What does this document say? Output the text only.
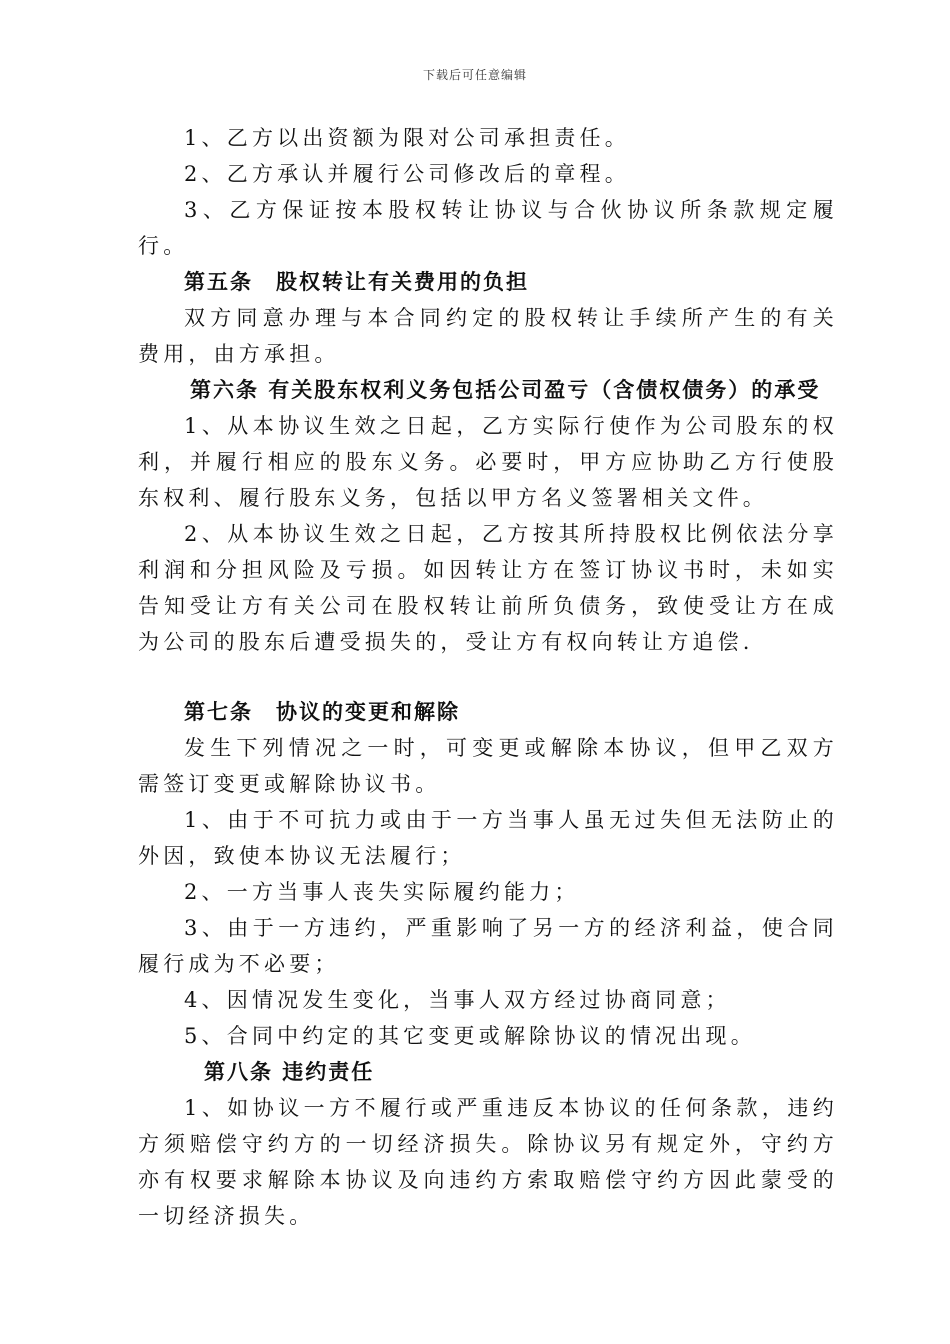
下载后可任意编辑

1、乙方以出资额为限对公司承担责任。

2、乙方承认并履行公司修改后的章程。

3、乙方保证按本股权转让协议与合伙协议所条款规定履行。

第五条　股权转让有关费用的负担

双方同意办理与本合同约定的股权转让手续所产生的有关费用，由方承担。

第六条 有关股东权利义务包括公司盈亏（含债权债务）的承受

1、从本协议生效之日起，乙方实际行使作为公司股东的权利，并履行相应的股东义务。必要时，甲方应协助乙方行使股东权利、履行股东义务，包括以甲方名义签署相关文件。

2、从本协议生效之日起，乙方按其所持股权比例依法分享利润和分担风险及亏损。如因转让方在签订协议书时，未如实告知受让方有关公司在股权转让前所负债务，致使受让方在成为公司的股东后遭受损失的，受让方有权向转让方追偿.

第七条　协议的变更和解除

发生下列情况之一时，可变更或解除本协议，但甲乙双方需签订变更或解除协议书。

1、由于不可抗力或由于一方当事人虽无过失但无法防止的外因，致使本协议无法履行；

2、一方当事人丧失实际履约能力；

3、由于一方违约，严重影响了另一方的经济利益，使合同履行成为不必要；

4、因情况发生变化，当事人双方经过协商同意；

5、合同中约定的其它变更或解除协议的情况出现。

第八条 违约责任

1、如协议一方不履行或严重违反本协议的任何条款，违约方须赔偿守约方的一切经济损失。除协议另有规定外，守约方亦有权要求解除本协议及向违约方索取赔偿守约方因此蒙受的一切经济损失。
